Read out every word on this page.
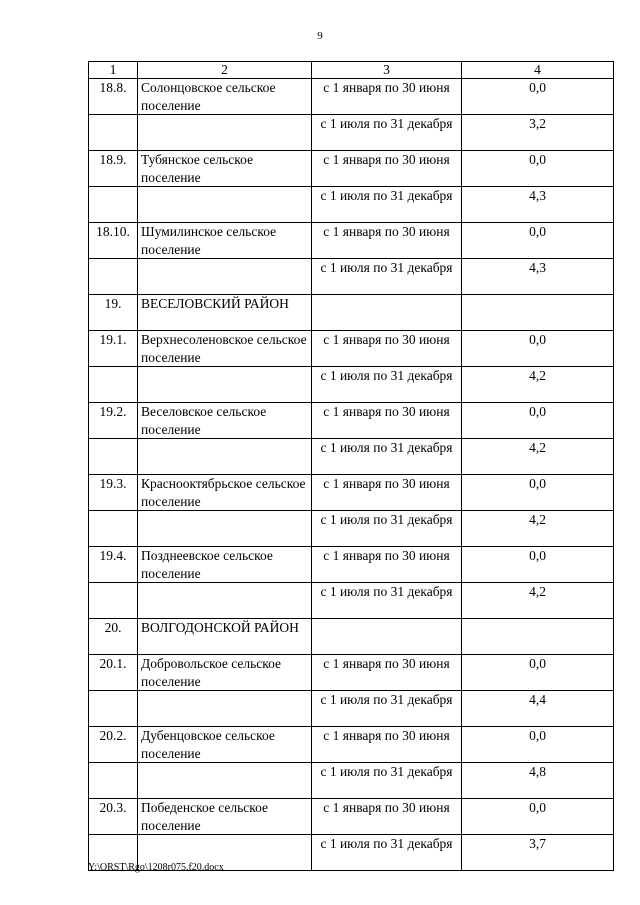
9
1	2	3	4
18.8.	Солонцовское сельское поселение	с 1 января по 30 июня	0,0
		с 1 июля по 31 декабря	3,2
18.9.	Тубянское сельское поселение	с 1 января по 30 июня	0,0
		с 1 июля по 31 декабря	4,3
18.10.	Шумилинское сельское поселение	с 1 января по 30 июня	0,0
		с 1 июля по 31 декабря	4,3
19.	ВЕСЕЛОВСКИЙ РАЙОН		
19.1.	Верхнесоленовское сельское поселение	с 1 января по 30 июня	0,0
		с 1 июля по 31 декабря	4,2
19.2.	Веселовское сельское поселение	с 1 января по 30 июня	0,0
		с 1 июля по 31 декабря	4,2
19.3.	Краснооктябрьское сельское поселение	с 1 января по 30 июня	0,0
		с 1 июля по 31 декабря	4,2
19.4.	Позднеевское сельское поселение	с 1 января по 30 июня	0,0
		с 1 июля по 31 декабря	4,2
20.	ВОЛГОДОНСКОЙ РАЙОН		
20.1.	Добровольское сельское поселение	с 1 января по 30 июня	0,0
		с 1 июля по 31 декабря	4,4
20.2.	Дубенцовское сельское поселение	с 1 января по 30 июня	0,0
		с 1 июля по 31 декабря	4,8
20.3.	Победенское сельское поселение	с 1 января по 30 июня	0,0
		с 1 июля по 31 декабря	3,7
Y:\ORST\Rgo\1208r075.f20.docx
